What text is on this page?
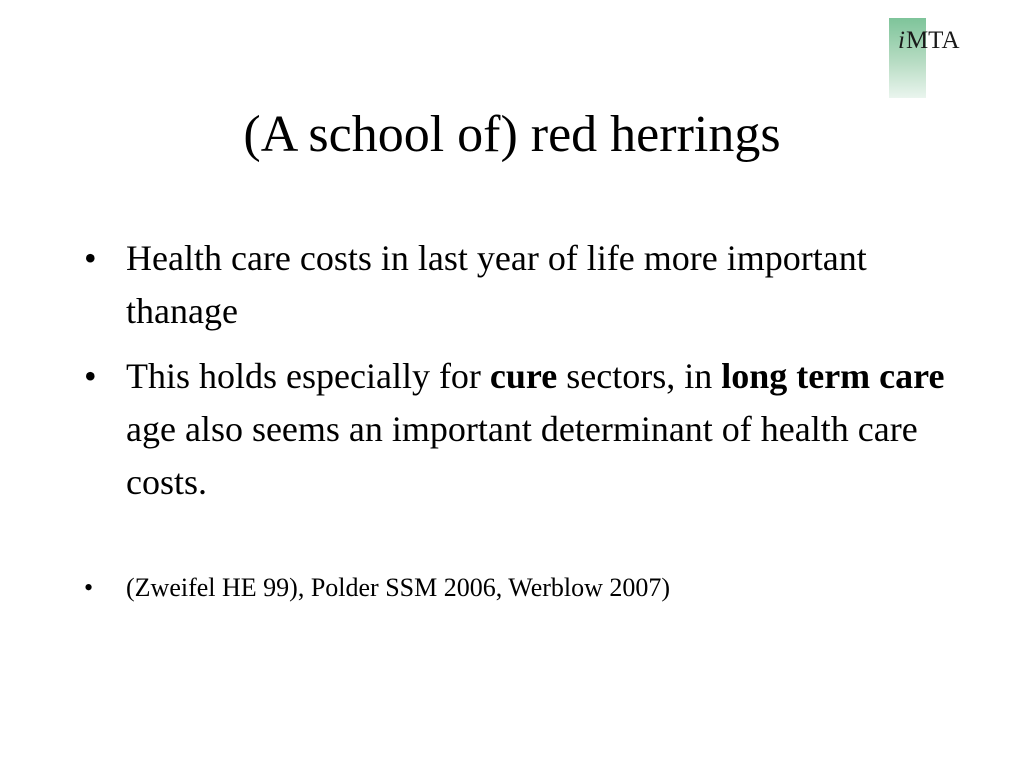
iMTA
(A school of) red herrings
• Health care costs in last year of life more important thanage
• This holds especially for cure sectors, in long term care age also seems an important determinant of health care costs.
• (Zweifel HE 99), Polder SSM 2006, Werblow 2007)
